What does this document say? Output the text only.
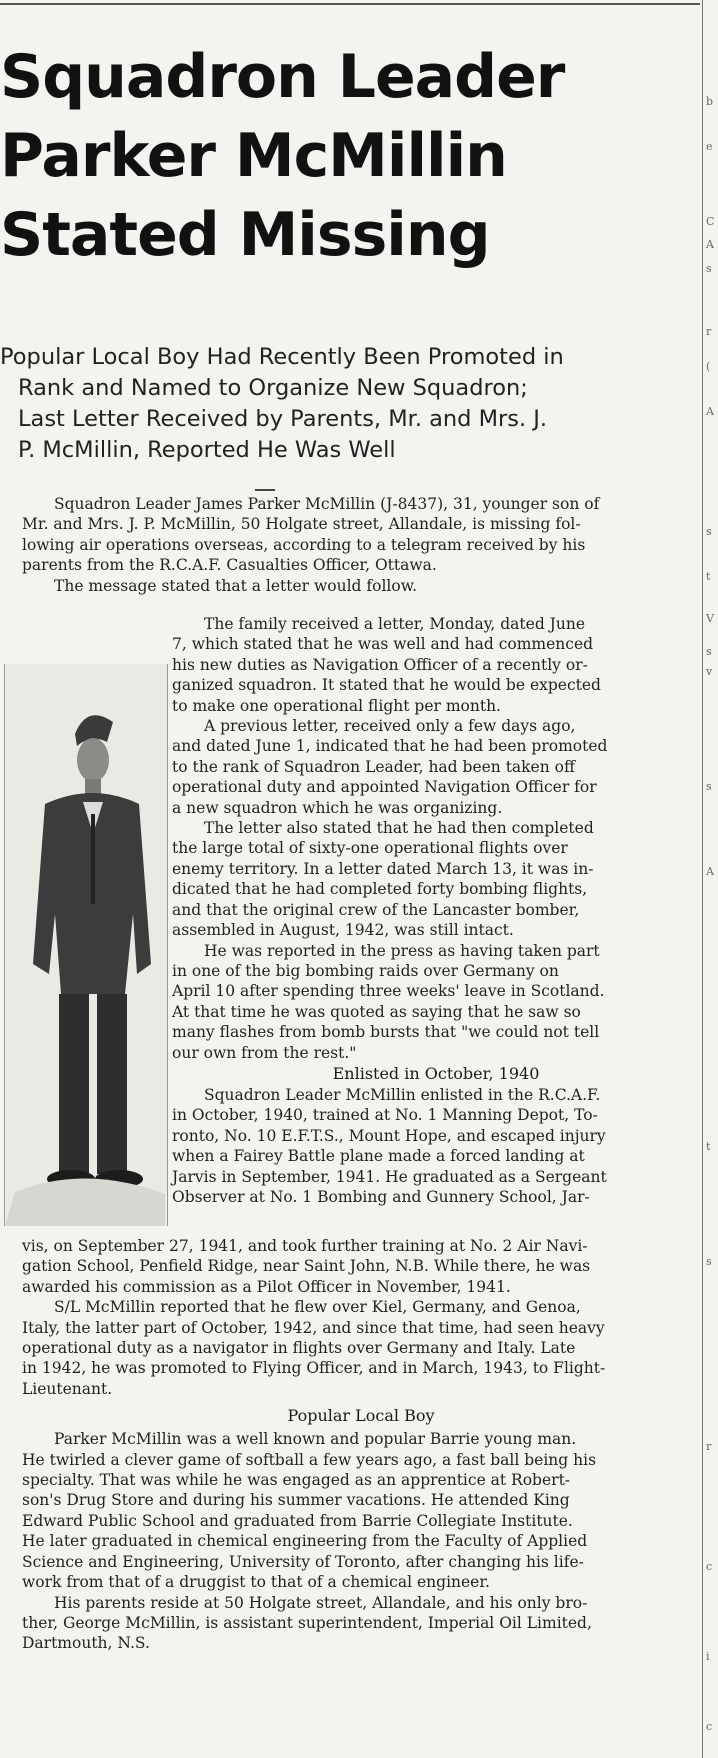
b
e
C
A
s
r
(
A
s
t
V
s
v
s
A
t
s
r
c
i
c
Squadron Leader
Parker McMillin
Stated Missing
Popular Local Boy Had Recently Been Promoted in
Rank and Named to Organize New Squadron;
Last Letter Received by Parents, Mr. and Mrs. J.
P. McMillin, Reported He Was Well
Squadron Leader James Parker McMillin (J-8437), 31, younger son of
Mr. and Mrs. J. P. McMillin, 50 Holgate street, Allandale, is missing fol-
lowing air operations overseas, according to a telegram received by his
parents from the R.C.A.F. Casualties Officer, Ottawa.
The message stated that a letter would follow.
The family received a letter, Monday, dated June
7, which stated that he was well and had commenced
his new duties as Navigation Officer of a recently or-
ganized squadron. It stated that he would be expected
to make one operational flight per month.
A previous letter, received only a few days ago,
and dated June 1, indicated that he had been promoted
to the rank of Squadron Leader, had been taken off
operational duty and appointed Navigation Officer for
a new squadron which he was organizing.
The letter also stated that he had then completed
the large total of sixty-one operational flights over
enemy territory. In a letter dated March 13, it was in-
dicated that he had completed forty bombing flights,
and that the original crew of the Lancaster bomber,
assembled in August, 1942, was still intact.
He was reported in the press as having taken part
in one of the big bombing raids over Germany on
April 10 after spending three weeks' leave in Scotland.
At that time he was quoted as saying that he saw so
many flashes from bomb bursts that "we could not tell
our own from the rest."
Enlisted in October, 1940
Squadron Leader McMillin enlisted in the R.C.A.F.
in October, 1940, trained at No. 1 Manning Depot, To-
ronto, No. 10 E.F.T.S., Mount Hope, and escaped injury
when a Fairey Battle plane made a forced landing at
Jarvis in September, 1941. He graduated as a Sergeant
Observer at No. 1 Bombing and Gunnery School, Jar-
vis, on September 27, 1941, and took further training at No. 2 Air Navi-
gation School, Penfield Ridge, near Saint John, N.B. While there, he was
awarded his commission as a Pilot Officer in November, 1941.
S/L McMillin reported that he flew over Kiel, Germany, and Genoa,
Italy, the latter part of October, 1942, and since that time, had seen heavy
operational duty as a navigator in flights over Germany and Italy. Late
in 1942, he was promoted to Flying Officer, and in March, 1943, to Flight-
Lieutenant.
Popular Local Boy
Parker McMillin was a well known and popular Barrie young man.
He twirled a clever game of softball a few years ago, a fast ball being his
specialty. That was while he was engaged as an apprentice at Robert-
son's Drug Store and during his summer vacations. He attended King
Edward Public School and graduated from Barrie Collegiate Institute.
He later graduated in chemical engineering from the Faculty of Applied
Science and Engineering, University of Toronto, after changing his life-
work from that of a druggist to that of a chemical engineer.
His parents reside at 50 Holgate street, Allandale, and his only bro-
ther, George McMillin, is assistant superintendent, Imperial Oil Limited,
Dartmouth, N.S.
